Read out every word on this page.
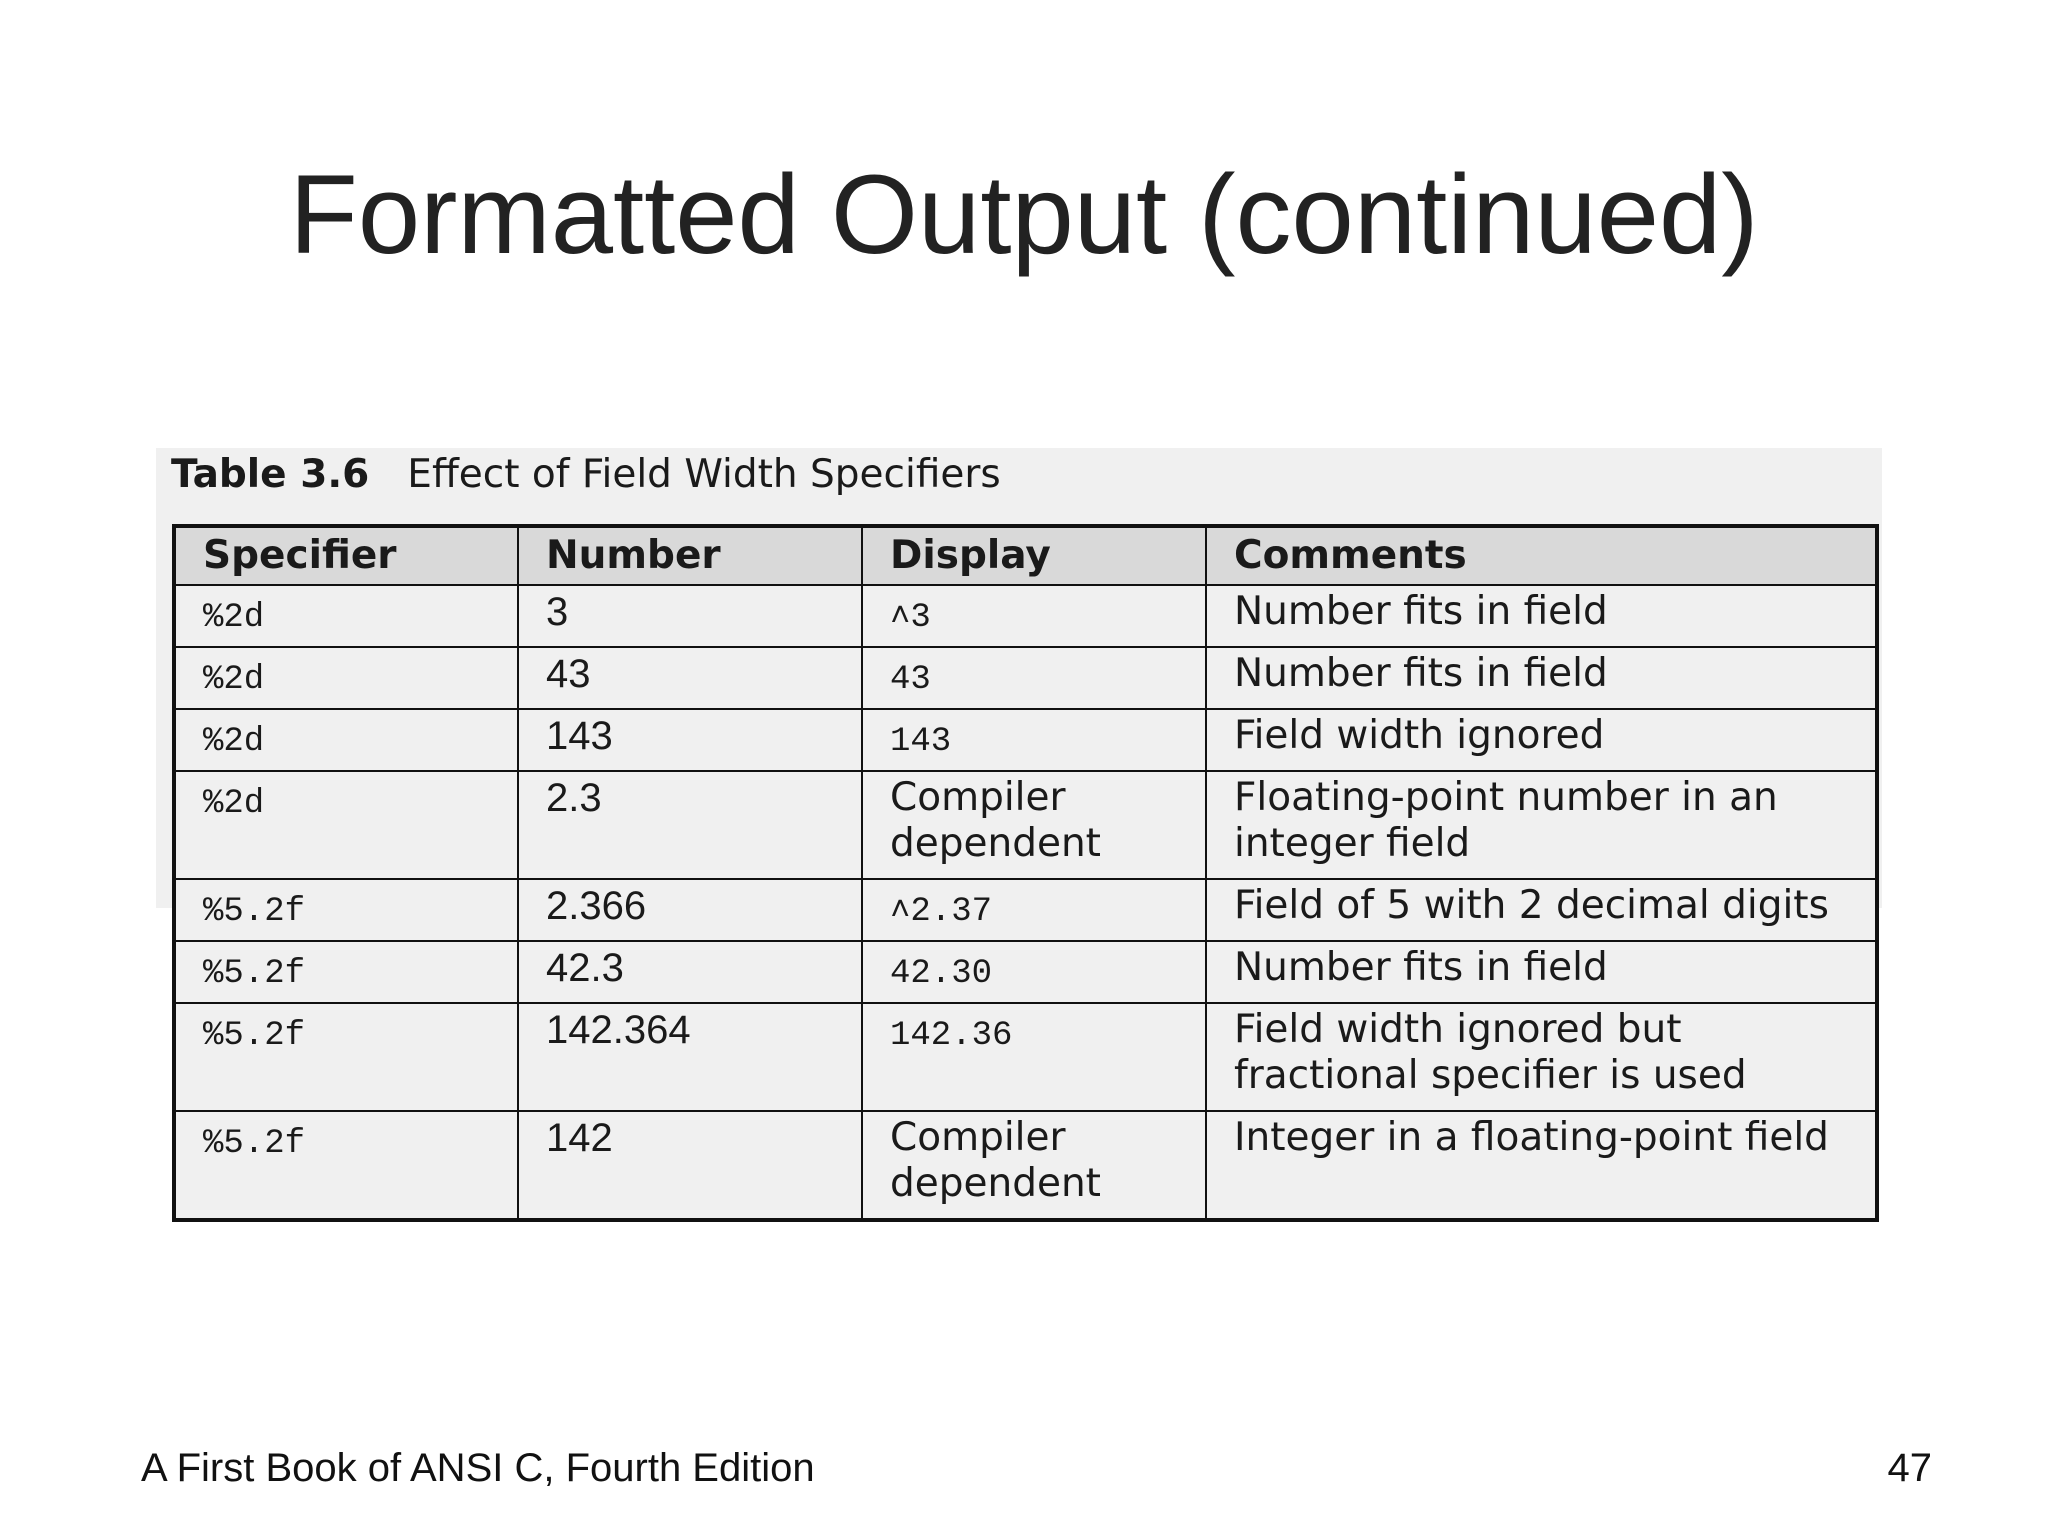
Formatted Output (continued)
Table 3.6 Effect of Field Width Specifiers
Specifier	Number	Display	Comments
%2d	3	˄3	Number fits in field
%2d	43	43	Number fits in field
%2d	143	143	Field width ignored
%2d	2.3	Compiler dependent	Floating-point number in an integer field
%5.2f	2.366	˄2.37	Field of 5 with 2 decimal digits
%5.2f	42.3	42.30	Number fits in field
%5.2f	142.364	142.36	Field width ignored but fractional specifier is used
%5.2f	142	Compiler dependent	Integer in a floating-point field
A First Book of ANSI C, Fourth Edition	47
